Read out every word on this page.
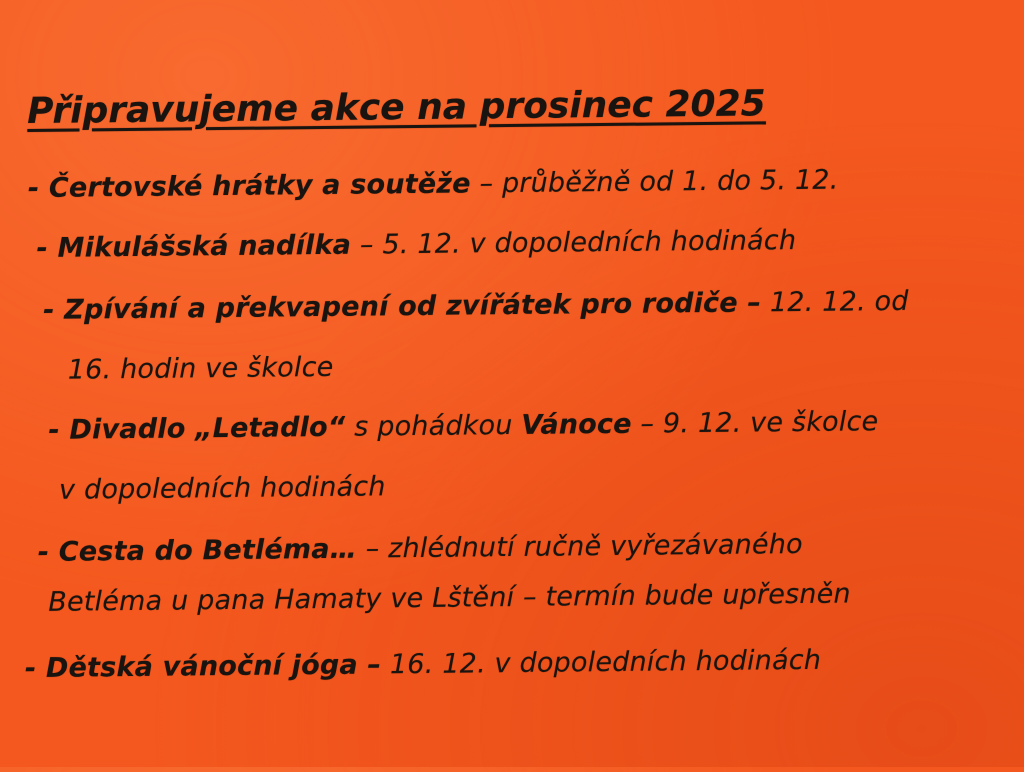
Připravujeme akce na prosinec 2025
- Čertovské hrátky a soutěže – průběžně od 1. do 5. 12.
- Mikulášská nadílka – 5. 12. v dopoledních hodinách
- Zpívání a překvapení od zvířátek pro rodiče – 12. 12. od
16. hodin ve školce
- Divadlo „Letadlo“ s pohádkou Vánoce – 9. 12. ve školce
v dopoledních hodinách
- Cesta do Betléma… – zhlédnutí ručně vyřezávaného
Betléma u pana Hamaty ve Lštění – termín bude upřesněn
- Dětská vánoční jóga – 16. 12. v dopoledních hodinách
